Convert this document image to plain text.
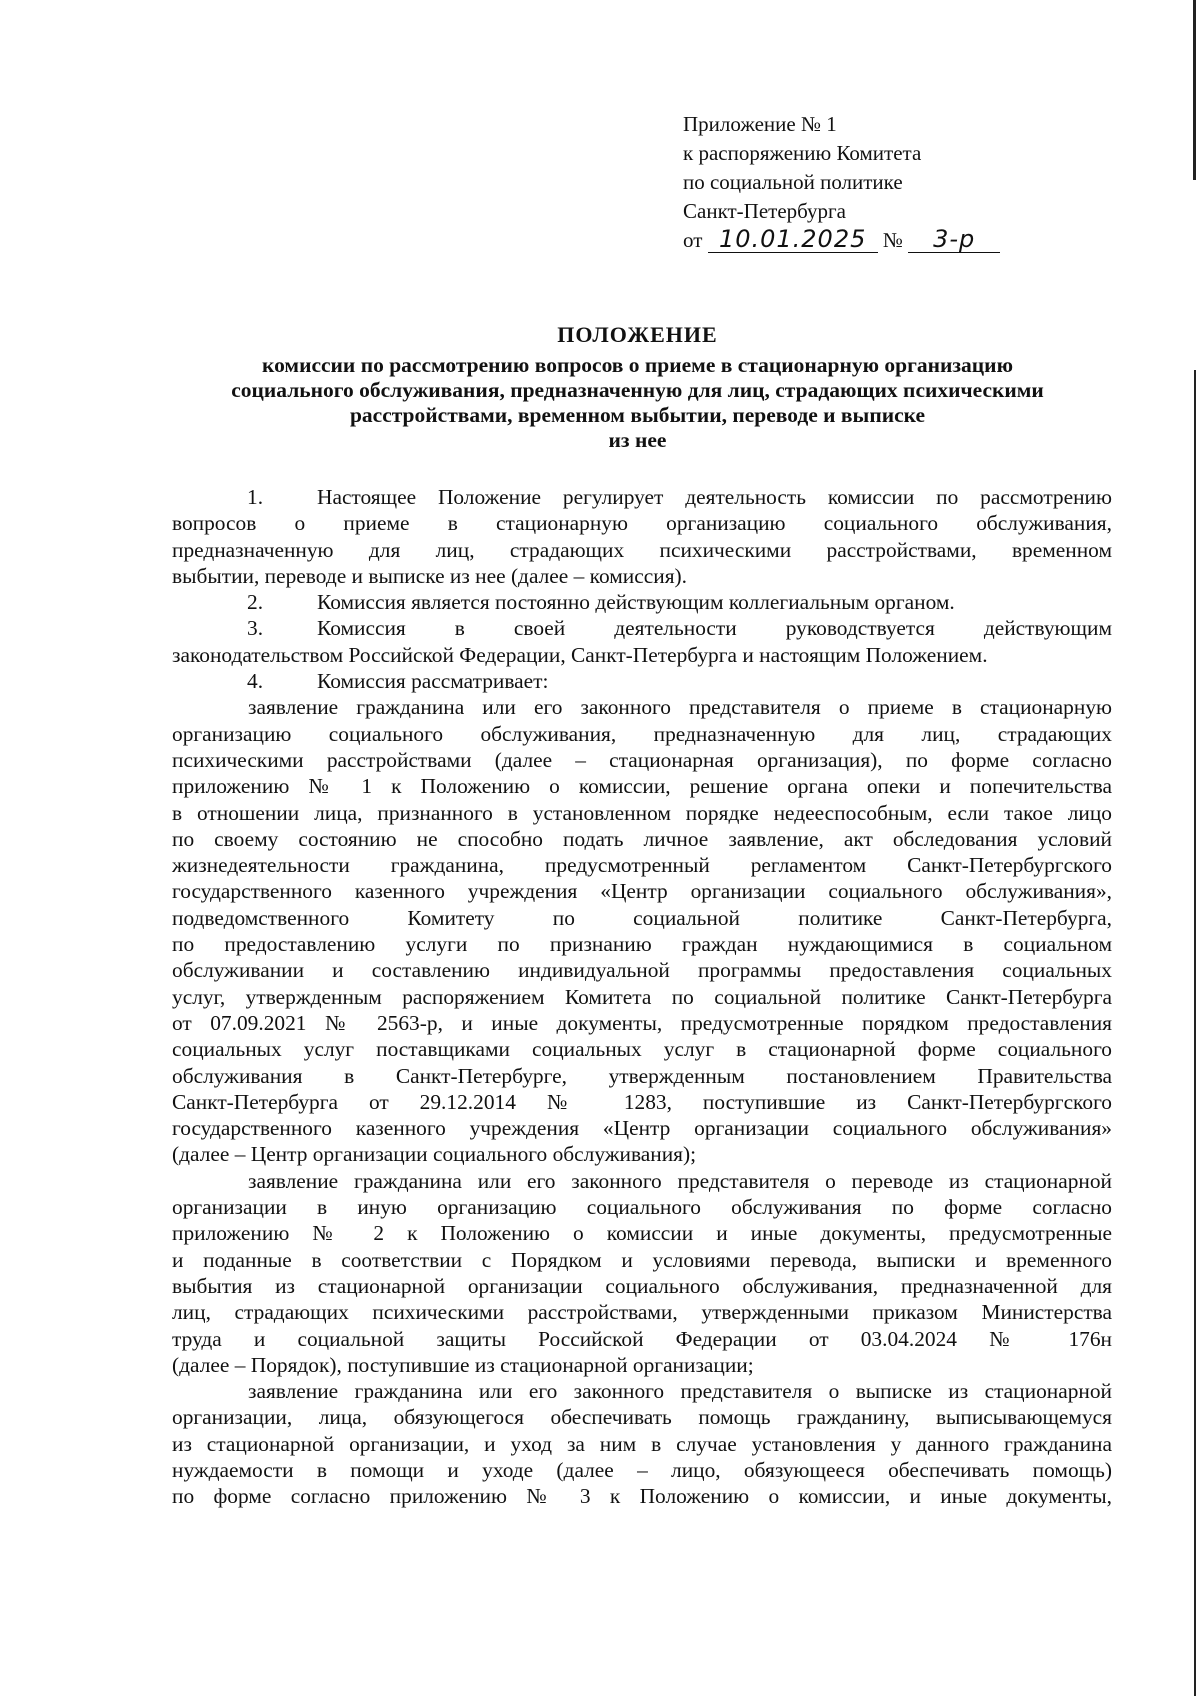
Приложение № 1
к распоряжению Комитета
по социальной политике
Санкт-Петербурга
от 10.01.2025 № 3-р
ПОЛОЖЕНИЕ
комиссии по рассмотрению вопросов о приеме в стационарную организацию
социального обслуживания, предназначенную для лиц, страдающих психическими
расстройствами, временном выбытии, переводе и выписке
из нее

1.	Настоящее Положение регулирует деятельность комиссии по рассмотрению

вопросов о приеме в стационарную организацию социального обслуживания,

предназначенную для лиц, страдающих психическими расстройствами, временном

выбытии, переводе и выписке из нее (далее – комиссия).

2.	Комиссия является постоянно действующим коллегиальным органом.

3.	Комиссия в своей деятельности руководствуется действующим

законодательством Российской Федерации, Санкт-Петербурга и настоящим Положением.

4.	Комиссия рассматривает:

заявление гражданина или его законного представителя о приеме в стационарную

организацию социального обслуживания, предназначенную для лиц, страдающих

психическими расстройствами (далее – стационарная организация), по форме согласно

приложению № 1 к Положению о комиссии, решение органа опеки и попечительства

в отношении лица, признанного в установленном порядке недееспособным, если такое лицо

по своему состоянию не способно подать личное заявление, акт обследования условий

жизнедеятельности гражданина, предусмотренный регламентом Санкт-Петербургского

государственного казенного учреждения «Центр организации социального обслуживания»,

подведомственного Комитету по социальной политике Санкт-Петербурга,

по предоставлению услуги по признанию граждан нуждающимися в социальном

обслуживании и составлению индивидуальной программы предоставления социальных

услуг, утвержденным распоряжением Комитета по социальной политике Санкт-Петербурга

от 07.09.2021 № 2563-р, и иные документы, предусмотренные порядком предоставления

социальных услуг поставщиками социальных услуг в стационарной форме социального

обслуживания в Санкт-Петербурге, утвержденным постановлением Правительства

Санкт-Петербурга от 29.12.2014 № 1283, поступившие из Санкт-Петербургского

государственного казенного учреждения «Центр организации социального обслуживания»

(далее – Центр организации социального обслуживания);

заявление гражданина или его законного представителя о переводе из стационарной

организации в иную организацию социального обслуживания по форме согласно

приложению № 2 к Положению о комиссии и иные документы, предусмотренные

и поданные в соответствии с Порядком и условиями перевода, выписки и временного

выбытия из стационарной организации социального обслуживания, предназначенной для

лиц, страдающих психическими расстройствами, утвержденными приказом Министерства

труда и социальной защиты Российской Федерации от 03.04.2024 № 176н

(далее – Порядок), поступившие из стационарной организации;

заявление гражданина или его законного представителя о выписке из стационарной

организации, лица, обязующегося обеспечивать помощь гражданину, выписывающемуся

из стационарной организации, и уход за ним в случае установления у данного гражданина

нуждаемости в помощи и уходе (далее – лицо, обязующееся обеспечивать помощь)

по форме согласно приложению № 3 к Положению о комиссии, и иные документы,
